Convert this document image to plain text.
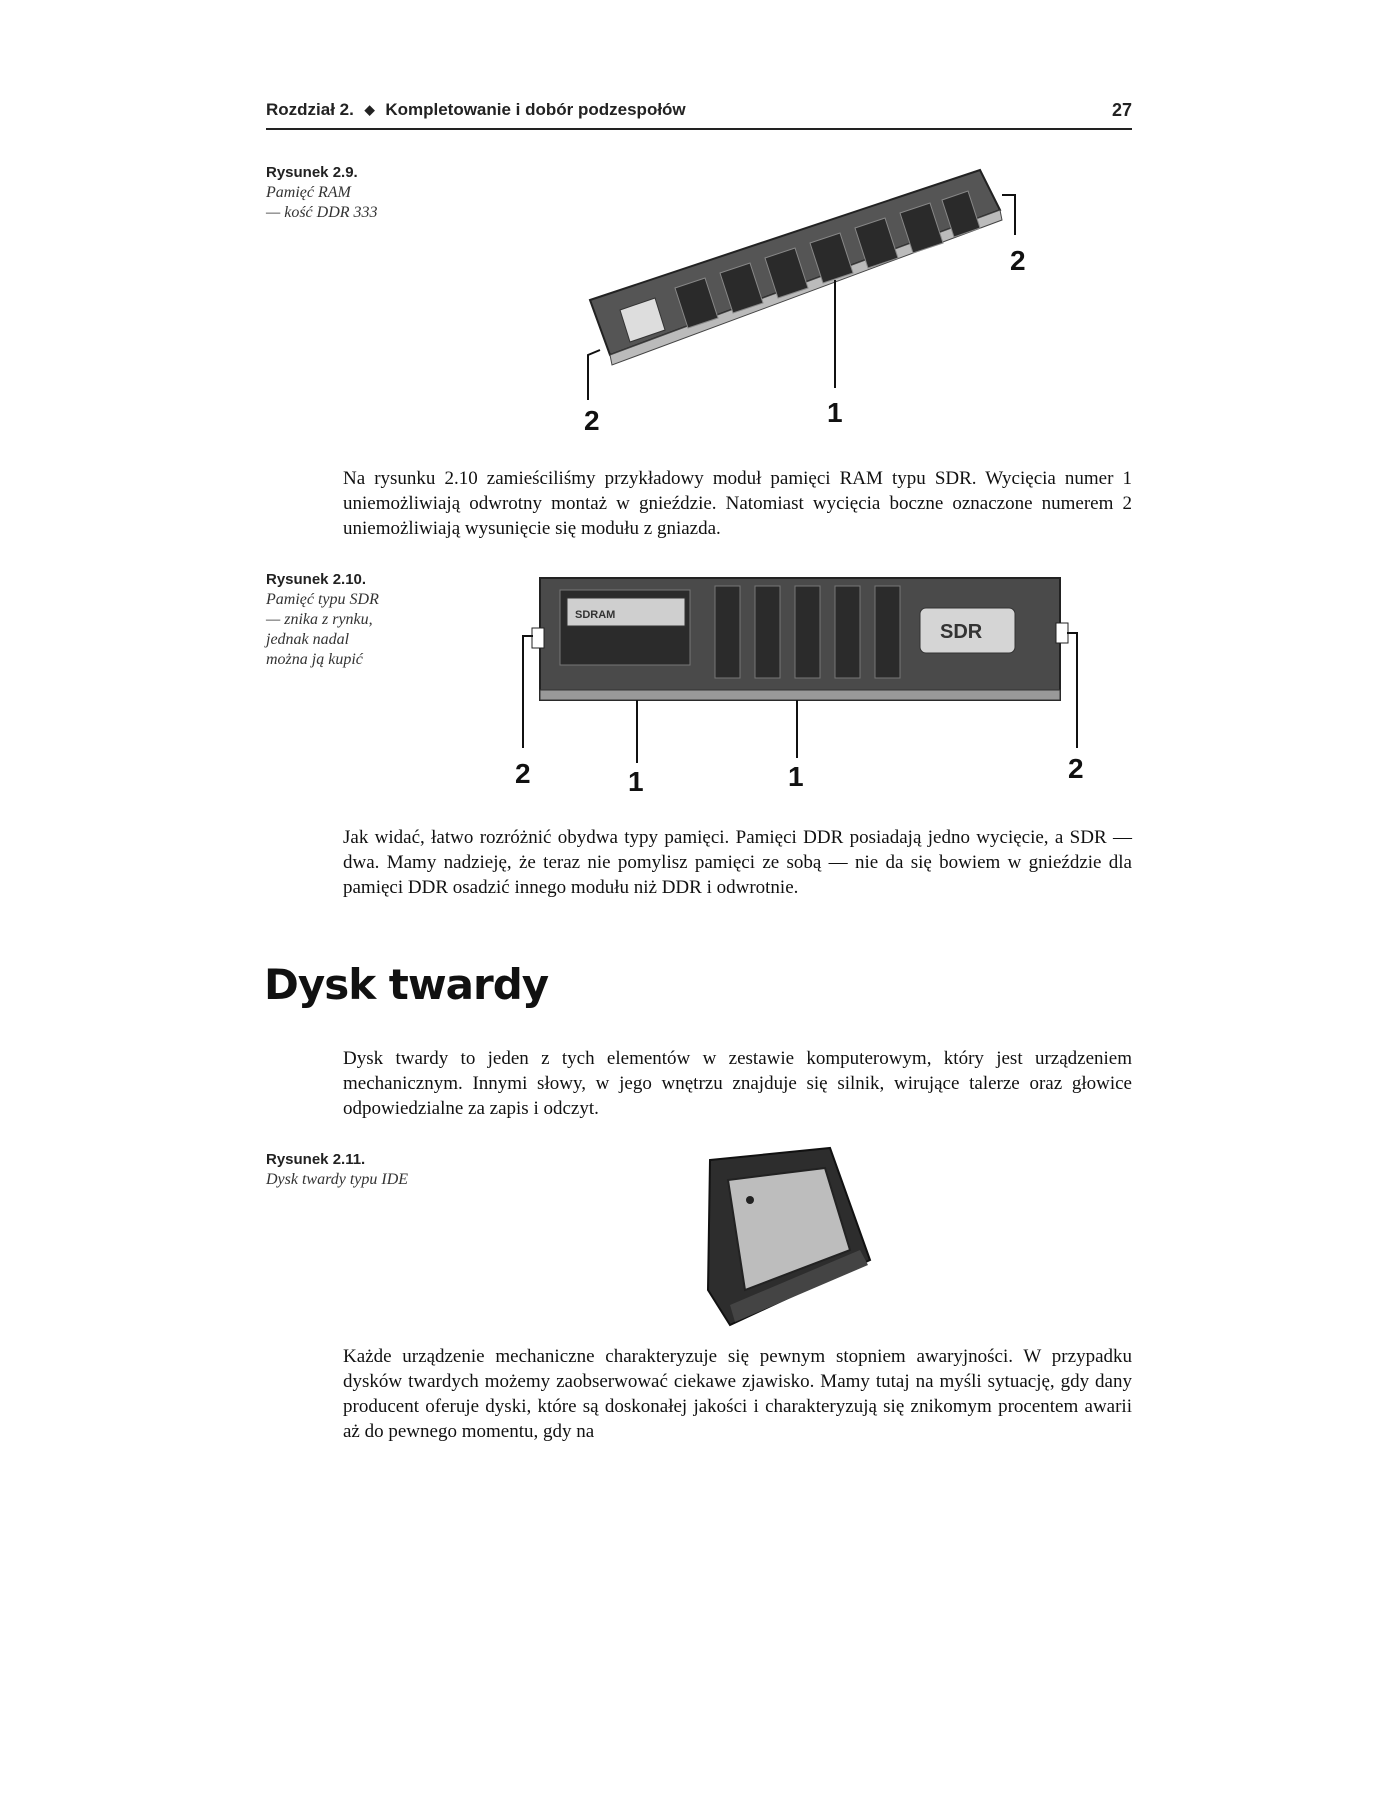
Rozdział 2. ◆ Kompletowanie i dobór podzespołów	27
Rysunek 2.9.
Pamięć RAM
— kość DDR 333
2
1
2
Na rysunku 2.10 zamieściliśmy przykładowy moduł pamięci RAM typu SDR. Wycięcia numer 1 uniemożliwiają odwrotny montaż w gnieździe. Natomiast wycięcia boczne oznaczone numerem 2 uniemożliwiają wysunięcie się modułu z gniazda.
Rysunek 2.10.
Pamięć typu SDR
— znika z rynku,
jednak nadal
można ją kupić
SDRAM
SDR
2	1	1	2
Jak widać, łatwo rozróżnić obydwa typy pamięci. Pamięci DDR posiadają jedno wycięcie, a SDR — dwa. Mamy nadzieję, że teraz nie pomylisz pamięci ze sobą — nie da się bowiem w gnieździe dla pamięci DDR osadzić innego modułu niż DDR i odwrotnie.
Dysk twardy
Dysk twardy to jeden z tych elementów w zestawie komputerowym, który jest urządzeniem mechanicznym. Innymi słowy, w jego wnętrzu znajduje się silnik, wirujące talerze oraz głowice odpowiedzialne za zapis i odczyt.
Rysunek 2.11.
Dysk twardy typu IDE
Każde urządzenie mechaniczne charakteryzuje się pewnym stopniem awaryjności. W przypadku dysków twardych możemy zaobserwować ciekawe zjawisko. Mamy tutaj na myśli sytuację, gdy dany producent oferuje dyski, które są doskonałej jakości i charakteryzują się znikomym procentem awarii aż do pewnego momentu, gdy na
